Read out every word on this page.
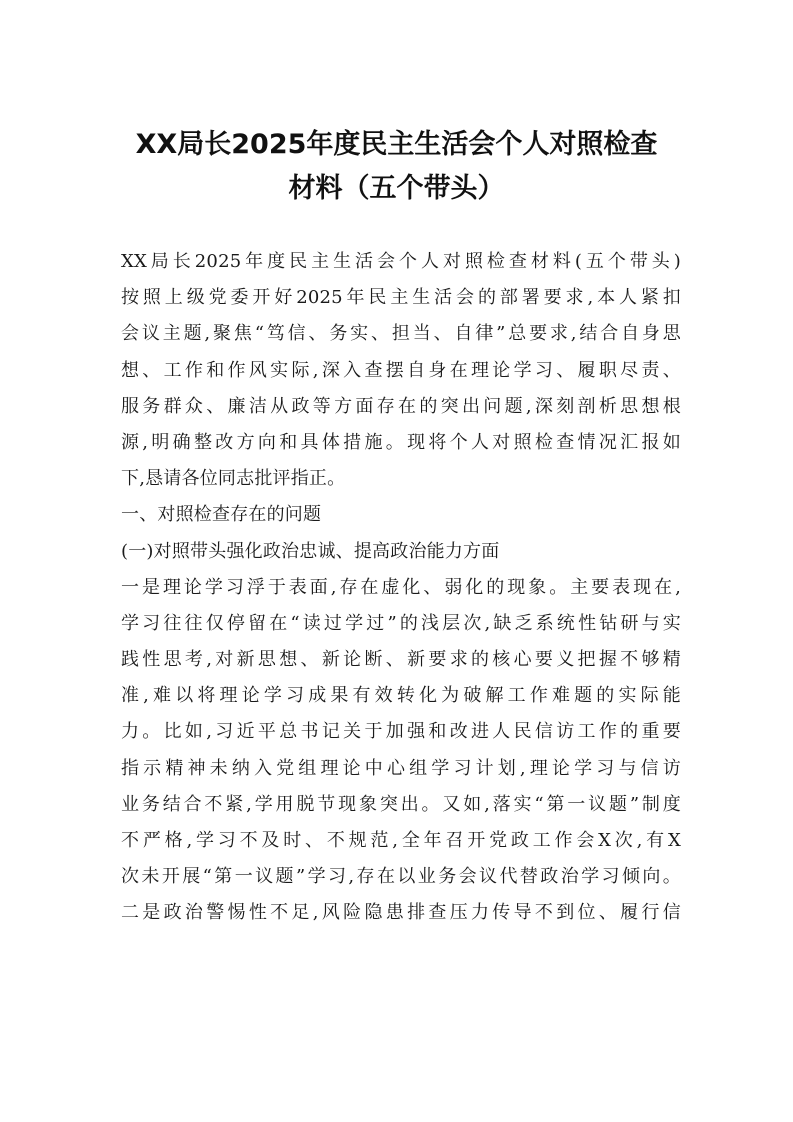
XX局长2025年度民主生活会个人对照检查
材料（五个带头）
XX局长2025年度民主生活会个人对照检查材料(五个带头)
按照上级党委开好2025年民主生活会的部署要求,本人紧扣
会议主题,聚焦“笃信、务实、担当、自律”总要求,结合自身思
想、工作和作风实际,深入查摆自身在理论学习、履职尽责、
服务群众、廉洁从政等方面存在的突出问题,深刻剖析思想根
源,明确整改方向和具体措施。现将个人对照检查情况汇报如
下,恳请各位同志批评指正。
一、对照检查存在的问题
(一)对照带头强化政治忠诚、提高政治能力方面
一是理论学习浮于表面,存在虚化、弱化的现象。主要表现在,
学习往往仅停留在“读过学过”的浅层次,缺乏系统性钻研与实
践性思考,对新思想、新论断、新要求的核心要义把握不够精
准,难以将理论学习成果有效转化为破解工作难题的实际能
力。比如,习近平总书记关于加强和改进人民信访工作的重要
指示精神未纳入党组理论中心组学习计划,理论学习与信访
业务结合不紧,学用脱节现象突出。又如,落实“第一议题”制度
不严格,学习不及时、不规范,全年召开党政工作会X次,有X
次未开展“第一议题”学习,存在以业务会议代替政治学习倾向。
二是政治警惕性不足,风险隐患排查压力传导不到位、履行信
